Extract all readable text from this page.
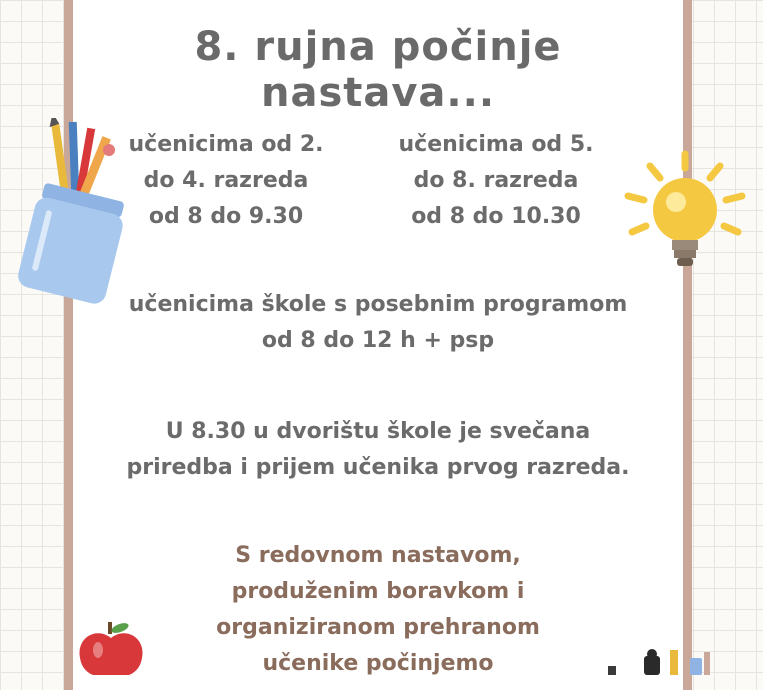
8. rujna počinje nastava...
učenicima od 2.
do 4. razreda
od 8 do 9.30
učenicima od 5.
do 8. razreda
od 8 do 10.30
učenicima škole s posebnim programom
od 8 do 12 h + psp
U 8.30 u dvorištu škole je svečana
priredba i prijem učenika prvog razreda.
S redovnom nastavom,
produženim boravkom i
organiziranom prehranom
učenike počinjemo
